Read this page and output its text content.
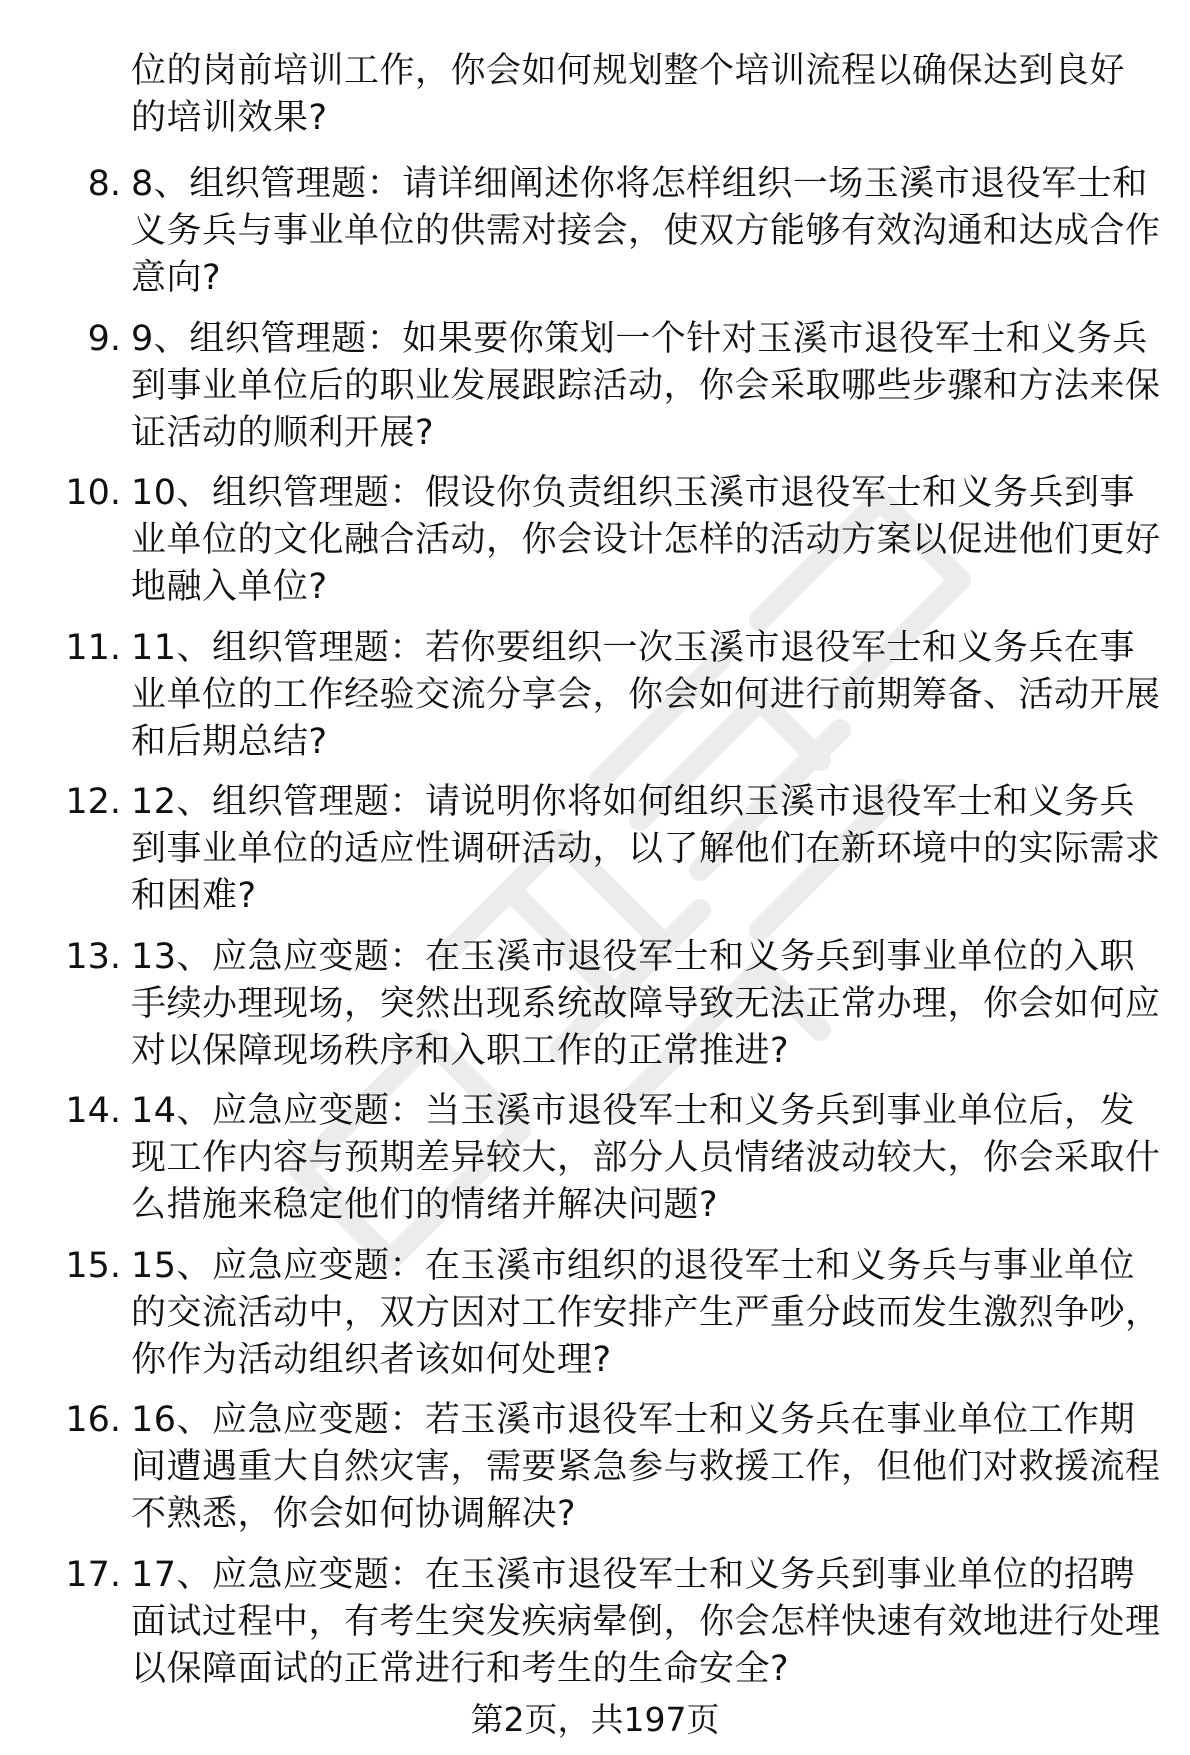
位的岗前培训工作，你会如何规划整个培训流程以确保达到良好的培训效果?
8. 8、组织管理题：请详细阐述你将怎样组织一场玉溪市退役军士和义务兵与事业单位的供需对接会，使双方能够有效沟通和达成合作意向?
9. 9、组织管理题：如果要你策划一个针对玉溪市退役军士和义务兵到事业单位后的职业发展跟踪活动，你会采取哪些步骤和方法来保证活动的顺利开展?
10. 10、组织管理题：假设你负责组织玉溪市退役军士和义务兵到事业单位的文化融合活动，你会设计怎样的活动方案以促进他们更好地融入单位?
11. 11、组织管理题：若你要组织一次玉溪市退役军士和义务兵在事业单位的工作经验交流分享会，你会如何进行前期筹备、活动开展和后期总结?
12. 12、组织管理题：请说明你将如何组织玉溪市退役军士和义务兵到事业单位的适应性调研活动，以了解他们在新环境中的实际需求和困难?
13. 13、应急应变题：在玉溪市退役军士和义务兵到事业单位的入职手续办理现场，突然出现系统故障导致无法正常办理，你会如何应对以保障现场秩序和入职工作的正常推进?
14. 14、应急应变题：当玉溪市退役军士和义务兵到事业单位后，发现工作内容与预期差异较大，部分人员情绪波动较大，你会采取什么措施来稳定他们的情绪并解决问题?
15. 15、应急应变题：在玉溪市组织的退役军士和义务兵与事业单位的交流活动中，双方因对工作安排产生严重分歧而发生激烈争吵，你作为活动组织者该如何处理?
16. 16、应急应变题：若玉溪市退役军士和义务兵在事业单位工作期间遭遇重大自然灾害，需要紧急参与救援工作，但他们对救援流程不熟悉，你会如何协调解决?
17. 17、应急应变题：在玉溪市退役军士和义务兵到事业单位的招聘面试过程中，有考生突发疾病晕倒，你会怎样快速有效地进行处理以保障面试的正常进行和考生的生命安全?
第2页，共197页
